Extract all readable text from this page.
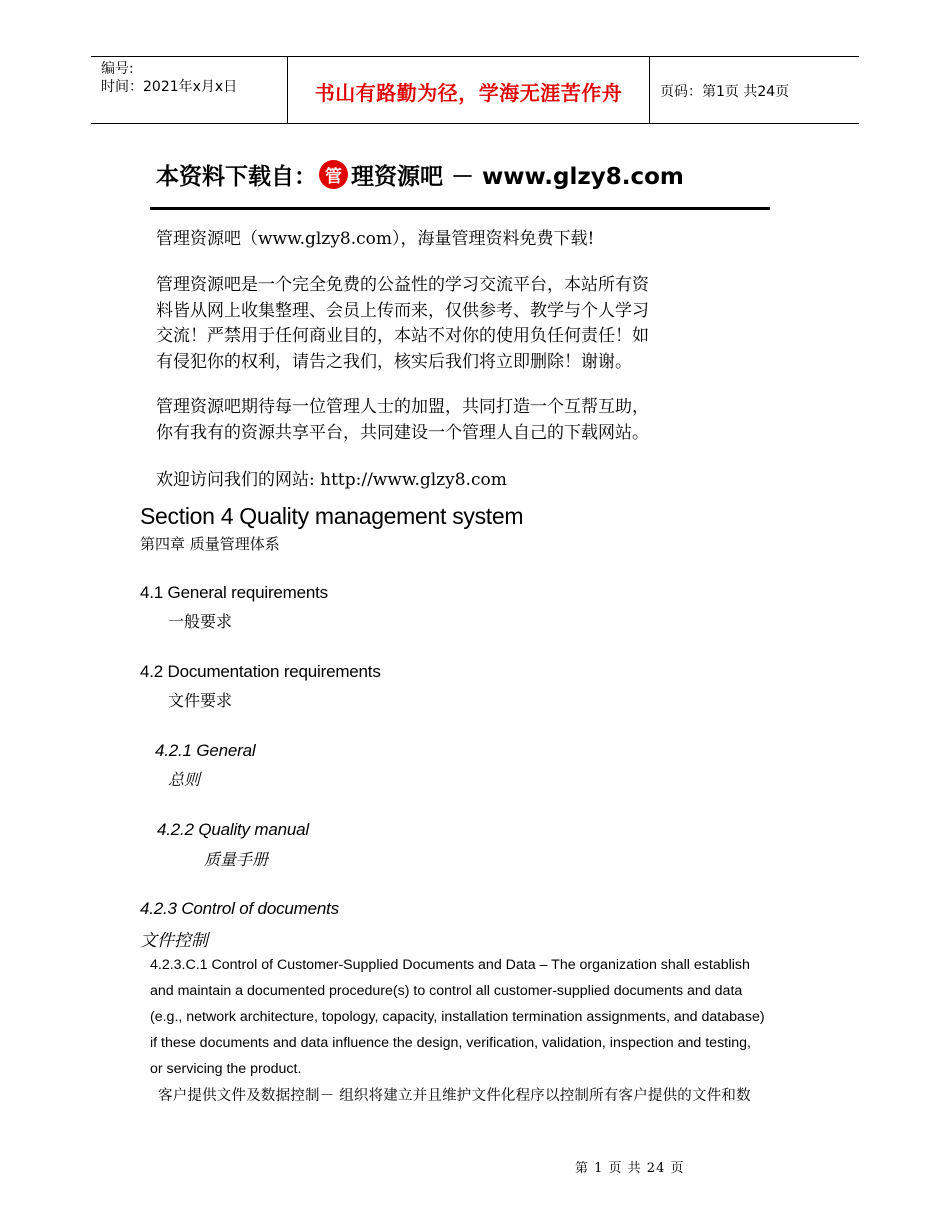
编号:
时间：2021年x月x日	书山有路勤为径，学海无涯苦作舟	页码：第1页 共24页
本资料下载自： 管 理资源吧 － www.glzy8.com
管理资源吧（www.glzy8.com），海量管理资料免费下载!
管理资源吧是一个完全免费的公益性的学习交流平台，本站所有资
料皆从网上收集整理、会员上传而来，仅供参考、教学与个人学习
交流！严禁用于任何商业目的，本站不对你的使用负任何责任！如
有侵犯你的权利，请告之我们，核实后我们将立即删除！谢谢。
管理资源吧期待每一位管理人士的加盟，共同打造一个互帮互助，
你有我有的资源共享平台，共同建设一个管理人自己的下载网站。
欢迎访问我们的网站: http://www.glzy8.com
Section 4 Quality management system
第四章 质量管理体系
4.1 General requirements
一般要求
4.2 Documentation requirements
文件要求
4.2.1 General
总则
4.2.2 Quality manual
质量手册
4.2.3 Control of documents
文件控制
4.2.3.C.1 Control of Customer-Supplied Documents and Data – The organization shall establish
and maintain a documented procedure(s) to control all customer-supplied documents and data
(e.g., network architecture, topology, capacity, installation termination assignments, and database)
if these documents and data influence the design, verification, validation, inspection and testing,
or servicing the product.
客户提供文件及数据控制－ 组织将建立并且维护文件化程序以控制所有客户提供的文件和数
第 1 页 共 24 页
